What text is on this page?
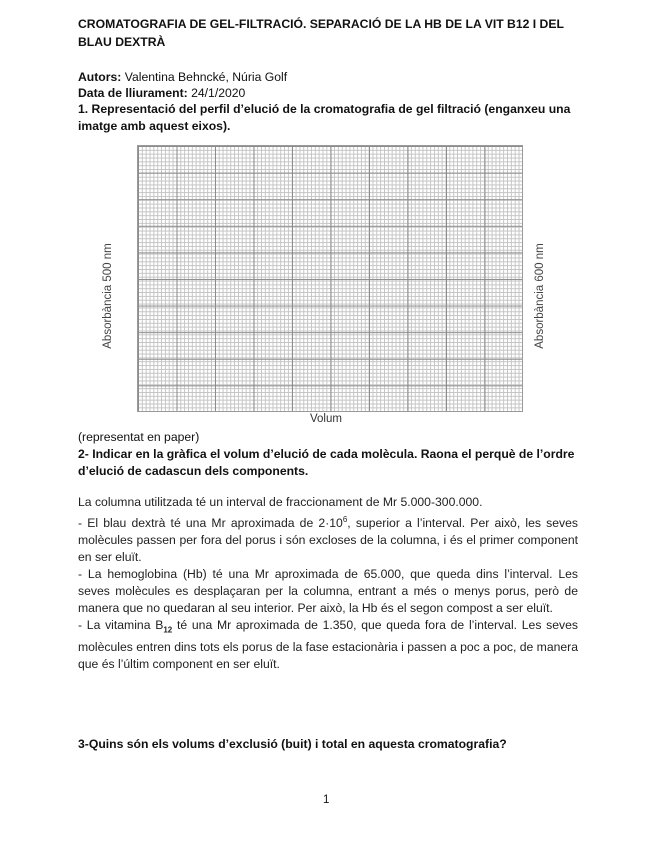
CROMATOGRAFIA DE GEL-FILTRACIÓ. SEPARACIÓ DE LA HB DE LA VIT B12 I DEL BLAU DEXTRÀ

Autors: Valentina Behncké, Núria Golf

Data de lliurament: 24/1/2020

1. Representació del perfil d’elució de la cromatografia de gel filtració (enganxeu una imatge amb aquest eixos).

Absorbància 500 nm	Absorbància 600 nm
Volum

(representat en paper)

2- Indicar en la gràfica el volum d’elució de cada molècula. Raona el perquè de l’ordre d’elució de cadascun dels components.

La columna utilitzada té un interval de fraccionament de Mr 5.000-300.000.

- El blau dextrà té una Mr aproximada de $2\cdot 10^6$, superior a l’interval. Per això, les seves molècules passen per fora del porus i són excloses de la columna, i és el primer component en ser eluït.

- La hemoglobina (Hb) té una Mr aproximada de 65.000, que queda dins l’interval. Les seves molècules es desplaçaran per la columna, entrant a més o menys porus, però de manera que no quedaran al seu interior. Per això, la Hb és el segon compost a ser eluït.

- La vitamina $B_{12}$ té una Mr aproximada de 1.350, que queda fora de l’interval. Les seves molècules entren dins tots els porus de la fase estacionària i passen a poc a poc, de manera que és l’últim component en ser eluït.

3-Quins són els volums d’exclusió (buit) i total en aquesta cromatografia?

1
